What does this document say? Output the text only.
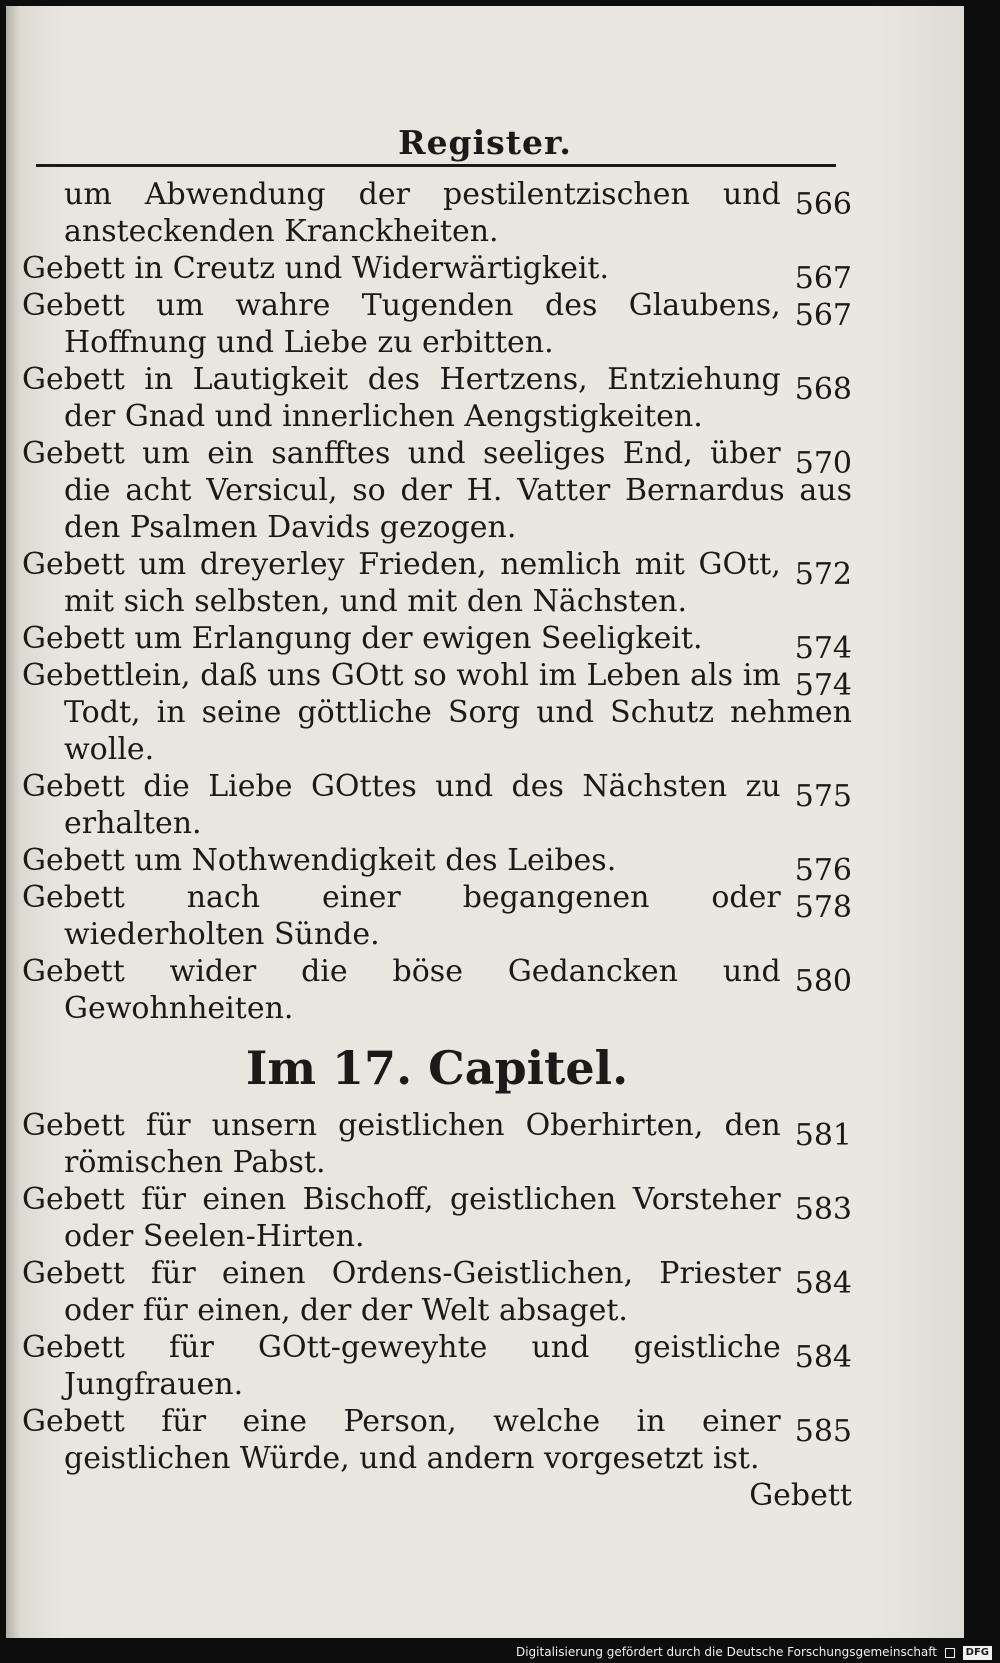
Register.
566
um Abwendung der pestilentzischen und ansteckenden Kranckheiten.
567
Gebett in Creutz und Widerwärtigkeit.
567
Gebett um wahre Tugenden des Glaubens, Hoffnung und Liebe zu erbitten.
568
Gebett in Lautigkeit des Hertzens, Entziehung der Gnad und innerlichen Aengstigkeiten.
570
Gebett um ein sanfftes und seeliges End, über die acht Versicul, so der H. Vatter Bernardus aus den Psalmen Davids gezogen.
572
Gebett um dreyerley Frieden, nemlich mit GOtt, mit sich selbsten, und mit den Nächsten.
574
Gebett um Erlangung der ewigen Seeligkeit.
574
Gebettlein, daß uns GOtt so wohl im Leben als im Todt, in seine göttliche Sorg und Schutz nehmen wolle.
575
Gebett die Liebe GOttes und des Nächsten zu erhalten.
576
Gebett um Nothwendigkeit des Leibes.
578
Gebett nach einer begangenen oder wiederholten Sünde.
580
Gebett wider die böse Gedancken und Gewohnheiten.
Im 17. Capitel.
581
Gebett für unsern geistlichen Oberhirten, den römischen Pabst.
583
Gebett für einen Bischoff, geistlichen Vorsteher oder Seelen-Hirten.
584
Gebett für einen Ordens-Geistlichen, Priester oder für einen, der der Welt absaget.
584
Gebett für GOtt-geweyhte und geistliche Jungfrauen.
585
Gebett für eine Person, welche in einer geistlichen Würde, und andern vorgesetzt ist.
Gebett
Digitalisierung gefördert durch die Deutsche Forschungsgemeinschaft	DFG
